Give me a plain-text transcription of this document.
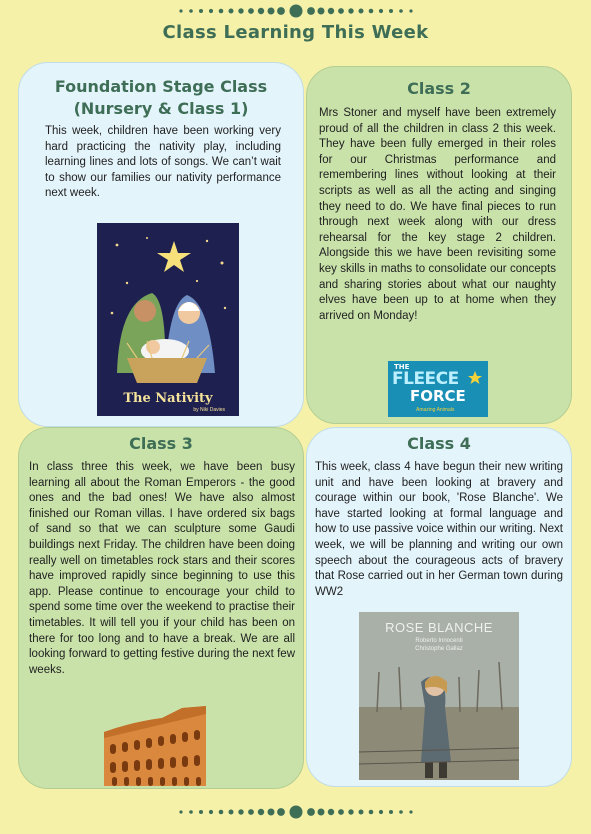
Class Learning This Week
Foundation Stage Class
(Nursery & Class 1)

This week, children have been working very hard practicing the nativity play, including learning lines and lots of songs. We can’t wait to show our families our nativity performance next week.

Class 2

Mrs Stoner and myself have been extremely proud of all the children in class 2 this week. They have been fully emerged in their roles for our Christmas performance and remembering lines without looking at their scripts as well as all the acting and singing they need to do. We have final pieces to run through next week along with our dress rehearsal for the key stage 2 children. Alongside this we have been revisiting some key skills in maths to consolidate our concepts and sharing stories about what our naughty elves have been up to at home when they arrived on Monday!

Class 3

In class three this week, we have been busy learning all about the Roman Emperors - the good ones and the bad ones! We have also almost finished our Roman villas. I have ordered six bags of sand so that we can sculpture some Gaudi buildings next Friday. The children have been doing really well on timetables rock stars and their scores have improved rapidly since beginning to use this app. Please continue to encourage your child to spend some time over the weekend to practise their timetables. It will tell you if your child has been on there for too long and to have a break. We are all looking forward to getting festive during the next few weeks.

Class 4

This week, class 4 have begun their new writing unit and have been looking at bravery and courage within our book, 'Rose Blanche'. We have started looking at formal language and how to use passive voice within our writing. Next week, we will be planning and writing our own speech about the courageous acts of bravery that Rose carried out in her German town during WW2

The Nativity
by Niki Davies
THE
FLEECE
FORCE
Amazing Animals
ROSE BLANCHE
Roberto Innocenti
Christophe Gallaz
